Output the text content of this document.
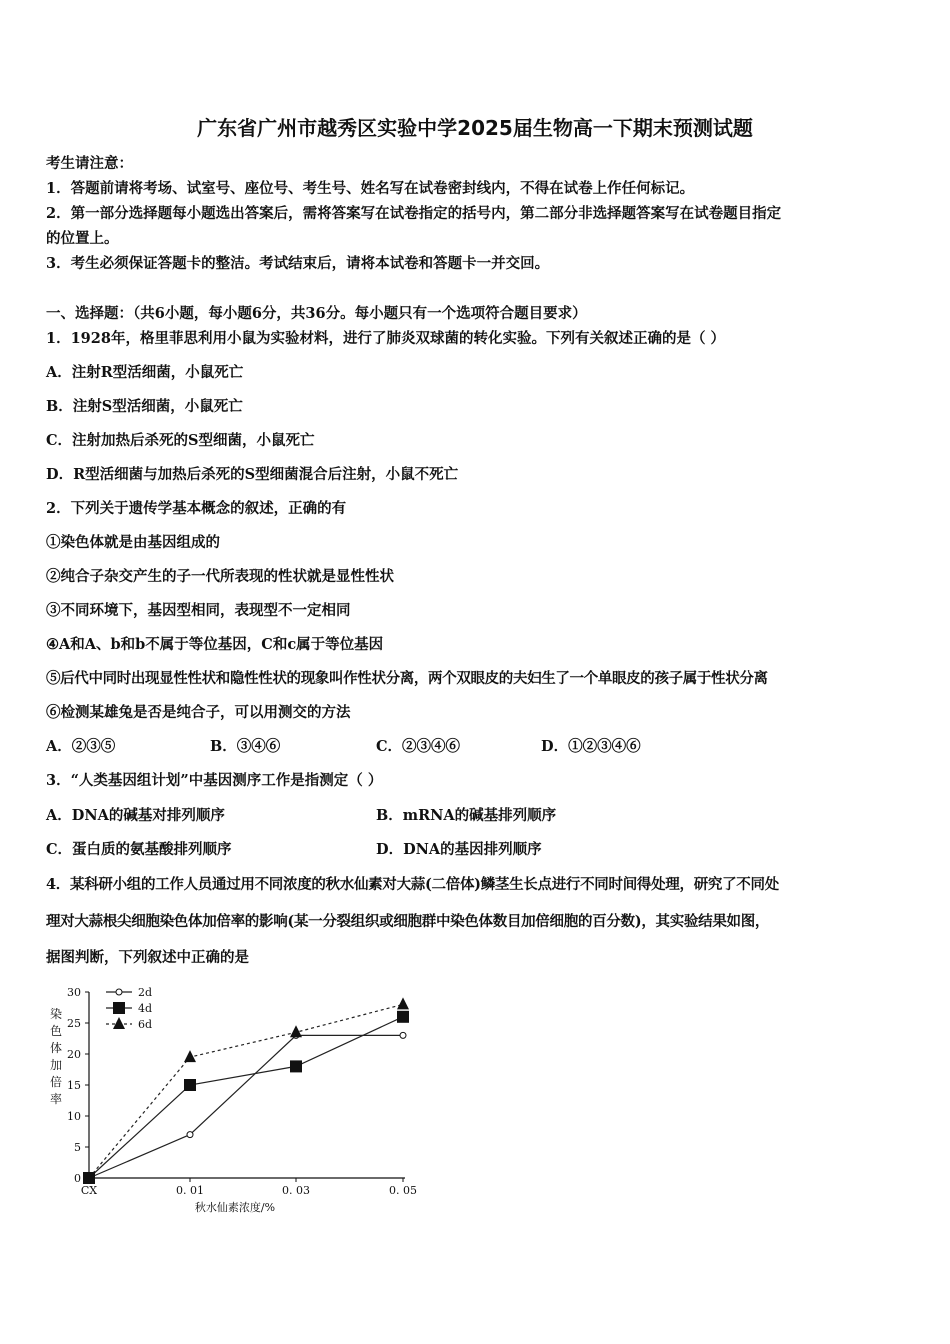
广东省广州市越秀区实验中学2025届生物高一下期末预测试题
考生请注意：
1．答题前请将考场、试室号、座位号、考生号、姓名写在试卷密封线内，不得在试卷上作任何标记。
2．第一部分选择题每小题选出答案后，需将答案写在试卷指定的括号内，第二部分非选择题答案写在试卷题目指定
的位置上。
3．考生必须保证答题卡的整洁。考试结束后，请将本试卷和答题卡一并交回。
一、选择题：（共6小题，每小题6分，共36分。每小题只有一个选项符合题目要求）
1．1928年，格里菲思利用小鼠为实验材料，进行了肺炎双球菌的转化实验。下列有关叙述正确的是（ ）
A．注射R型活细菌，小鼠死亡
B．注射S型活细菌，小鼠死亡
C．注射加热后杀死的S型细菌，小鼠死亡
D．R型活细菌与加热后杀死的S型细菌混合后注射，小鼠不死亡
2．下列关于遗传学基本概念的叙述，正确的有
①染色体就是由基因组成的
②纯合子杂交产生的子一代所表现的性状就是显性性状
③不同环境下，基因型相同，表现型不一定相同
④A和A、b和b不属于等位基因，C和c属于等位基因
⑤后代中同时出现显性性状和隐性性状的现象叫作性状分离，两个双眼皮的夫妇生了一个单眼皮的孩子属于性状分离
⑥检测某雄兔是否是纯合子，可以用测交的方法
A．②③⑤	B．③④⑥	C．②③④⑥	D．①②③④⑥
3．“人类基因组计划”中基因测序工作是指测定（ ）
A．DNA的碱基对排列顺序	B．mRNA的碱基排列顺序
C．蛋白质的氨基酸排列顺序	D．DNA的基因排列顺序
4．某科研小组的工作人员通过用不同浓度的秋水仙素对大蒜(二倍体)鳞茎生长点进行不同时间得处理，研究了不同处
理对大蒜根尖细胞染色体加倍率的影响(某一分裂组织或细胞群中染色体数目加倍细胞的百分数)，其实验结果如图，
据图判断，下列叙述中正确的是
0
5
10
15
20
25
30
CX	0. 01	0. 03	0. 05
染
色
体
加
倍
率
秋水仙素浓度/%
2d
4d
6d
